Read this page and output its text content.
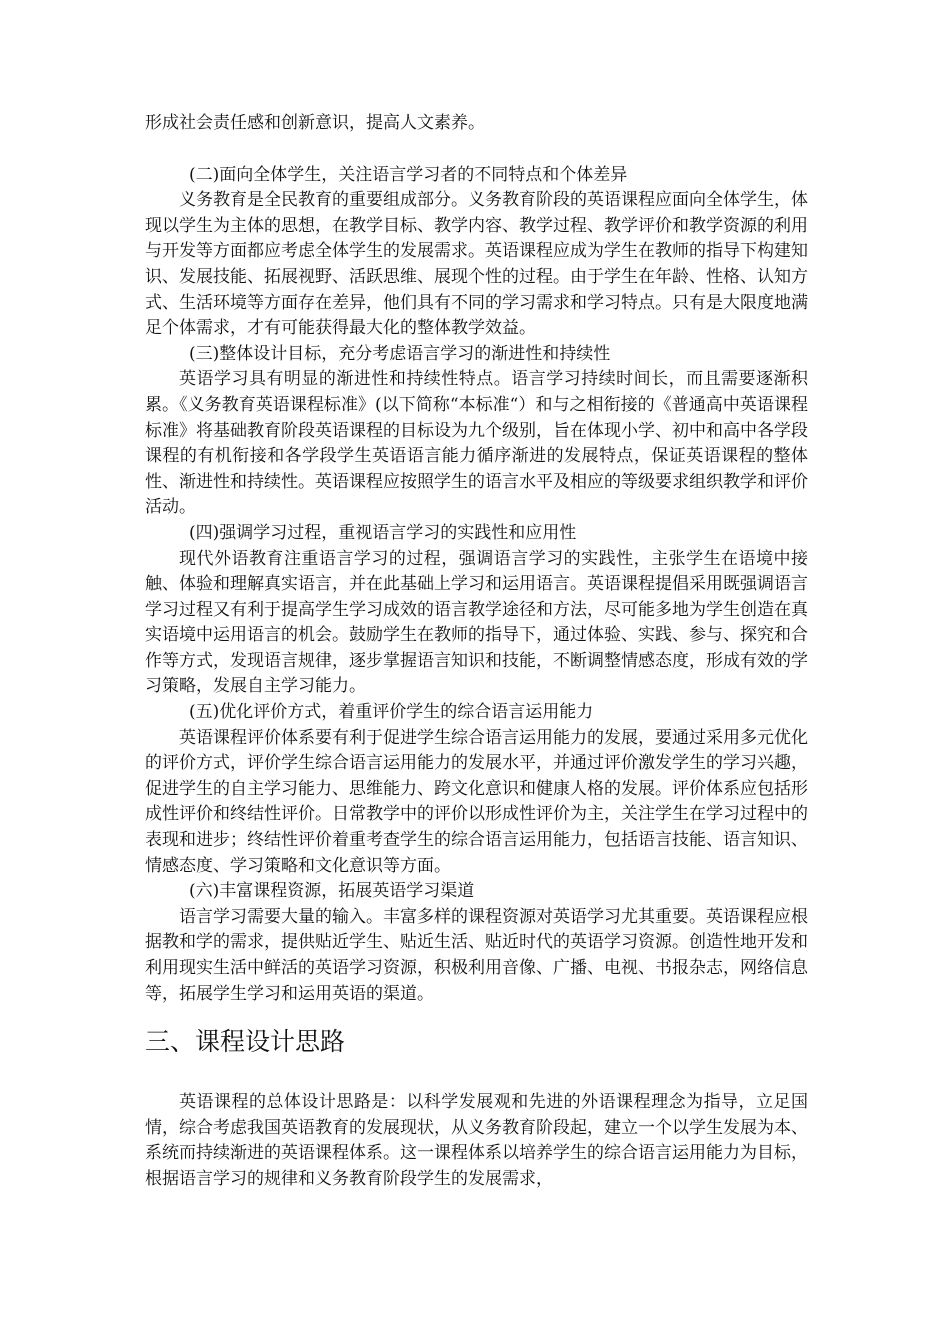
形成社会责任感和创新意识，提高人文素养。

(二)面向全体学生，关注语言学习者的不同特点和个体差异

义务教育是全民教育的重要组成部分。义务教育阶段的英语课程应面向全体学生，体现以学生为主体的思想，在教学目标、教学内容、教学过程、教学评价和教学资源的利用与开发等方面都应考虑全体学生的发展需求。英语课程应成为学生在教师的指导下构建知识、发展技能、拓展视野、活跃思维、展现个性的过程。由于学生在年龄、性格、认知方式、生活环境等方面存在差异，他们具有不同的学习需求和学习特点。只有是大限度地满足个体需求，才有可能获得最大化的整体教学效益。

(三)整体设计目标，充分考虑语言学习的渐进性和持续性

英语学习具有明显的渐进性和持续性特点。语言学习持续时间长，而且需要逐渐积累。《义务教育英语课程标准》(以下简称“本标准“）和与之相衔接的《普通高中英语课程标准》将基础教育阶段英语课程的目标设为九个级别，旨在体现小学、初中和高中各学段课程的有机衔接和各学段学生英语语言能力循序渐进的发展特点，保证英语课程的整体性、渐进性和持续性。英语课程应按照学生的语言水平及相应的等级要求组织教学和评价活动。

(四)强调学习过程，重视语言学习的实践性和应用性

现代外语教育注重语言学习的过程，强调语言学习的实践性，主张学生在语境中接触、体验和理解真实语言，并在此基础上学习和运用语言。英语课程提倡采用既强调语言学习过程又有利于提高学生学习成效的语言教学途径和方法，尽可能多地为学生创造在真实语境中运用语言的机会。鼓励学生在教师的指导下，通过体验、实践、参与、探究和合作等方式，发现语言规律，逐步掌握语言知识和技能，不断调整情感态度，形成有效的学习策略，发展自主学习能力。

(五)优化评价方式，着重评价学生的综合语言运用能力

英语课程评价体系要有利于促进学生综合语言运用能力的发展，要通过采用多元优化的评价方式，评价学生综合语言运用能力的发展水平，并通过评价激发学生的学习兴趣，促进学生的自主学习能力、思维能力、跨文化意识和健康人格的发展。评价体系应包括形成性评价和终结性评价。日常教学中的评价以形成性评价为主，关注学生在学习过程中的表现和进步；终结性评价着重考查学生的综合语言运用能力，包括语言技能、语言知识、情感态度、学习策略和文化意识等方面。

(六)丰富课程资源，拓展英语学习渠道

语言学习需要大量的输入。丰富多样的课程资源对英语学习尤其重要。英语课程应根据教和学的需求，提供贴近学生、贴近生活、贴近时代的英语学习资源。创造性地开发和利用现实生活中鲜活的英语学习资源，积极利用音像、广播、电视、书报杂志，网络信息等，拓展学生学习和运用英语的渠道。

三、课程设计思路

英语课程的总体设计思路是：以科学发展观和先进的外语课程理念为指导，立足国情，综合考虑我国英语教育的发展现状，从义务教育阶段起，建立一个以学生发展为本、系统而持续渐进的英语课程体系。这一课程体系以培养学生的综合语言运用能力为目标，根据语言学习的规律和义务教育阶段学生的发展需求，
